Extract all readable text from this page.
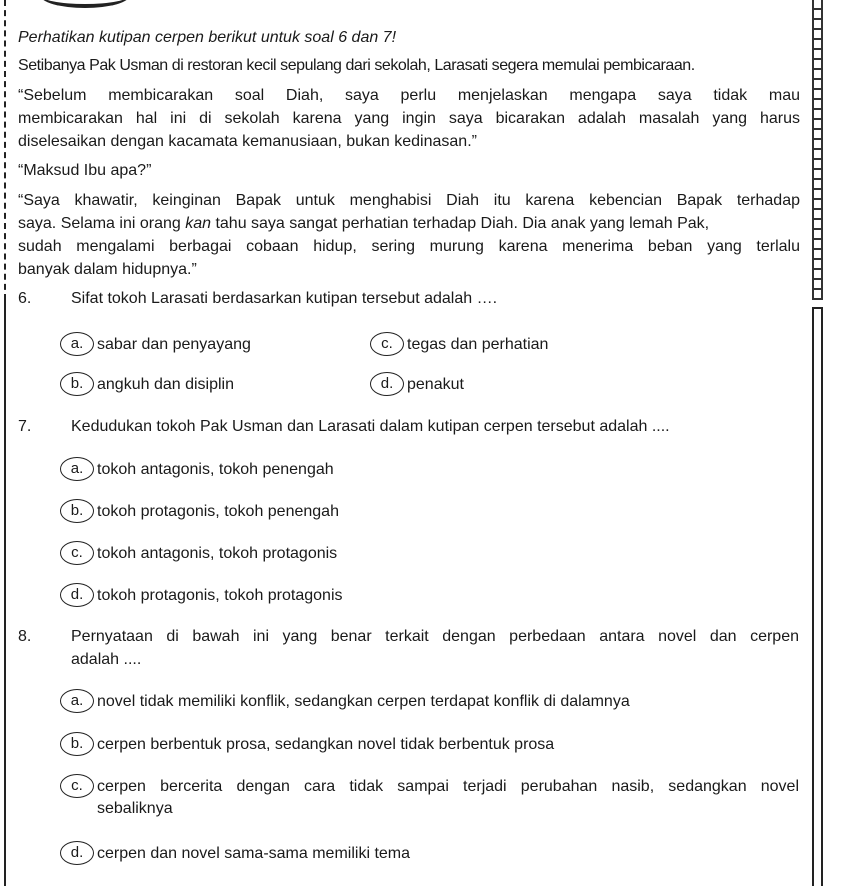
Perhatikan kutipan cerpen berikut untuk soal 6 dan 7!

Setibanya Pak Usman di restoran kecil sepulang dari sekolah, Larasati segera memulai pembicaraan.

“Sebelum membicarakan soal Diah, saya perlu menjelaskan mengapa saya tidak mau

membicarakan hal ini di sekolah karena yang ingin saya bicarakan adalah masalah yang harus

diselesaikan dengan kacamata kemanusiaan, bukan kedinasan.”

“Maksud Ibu apa?”

“Saya khawatir, keinginan Bapak untuk menghabisi Diah itu karena kebencian Bapak terhadap

saya. Selama ini orang kan tahu saya sangat perhatian terhadap Diah. Dia anak yang lemah Pak,

sudah mengalami berbagai cobaan hidup, sering murung karena menerima beban yang terlalu

banyak dalam hidupnya.”

6.	Sifat tokoh Larasati berdasarkan kutipan tersebut adalah ….
a. sabar dan penyayang	c. tegas dan perhatian
b. angkuh dan disiplin	d. penakut
7.	Kedudukan tokoh Pak Usman dan Larasati dalam kutipan cerpen tersebut adalah ....
a. tokoh antagonis, tokoh penengah
b. tokoh protagonis, tokoh penengah
c. tokoh antagonis, tokoh protagonis
d. tokoh protagonis, tokoh protagonis
8.	Pernyataan di bawah ini yang benar terkait dengan perbedaan antara novel dan cerpen
adalah ....
a. novel tidak memiliki konflik, sedangkan cerpen terdapat konflik di dalamnya
b. cerpen berbentuk prosa, sedangkan novel tidak berbentuk prosa
c. cerpen bercerita dengan cara tidak sampai terjadi perubahan nasib, sedangkan novel
sebaliknya
d. cerpen dan novel sama-sama memiliki tema
